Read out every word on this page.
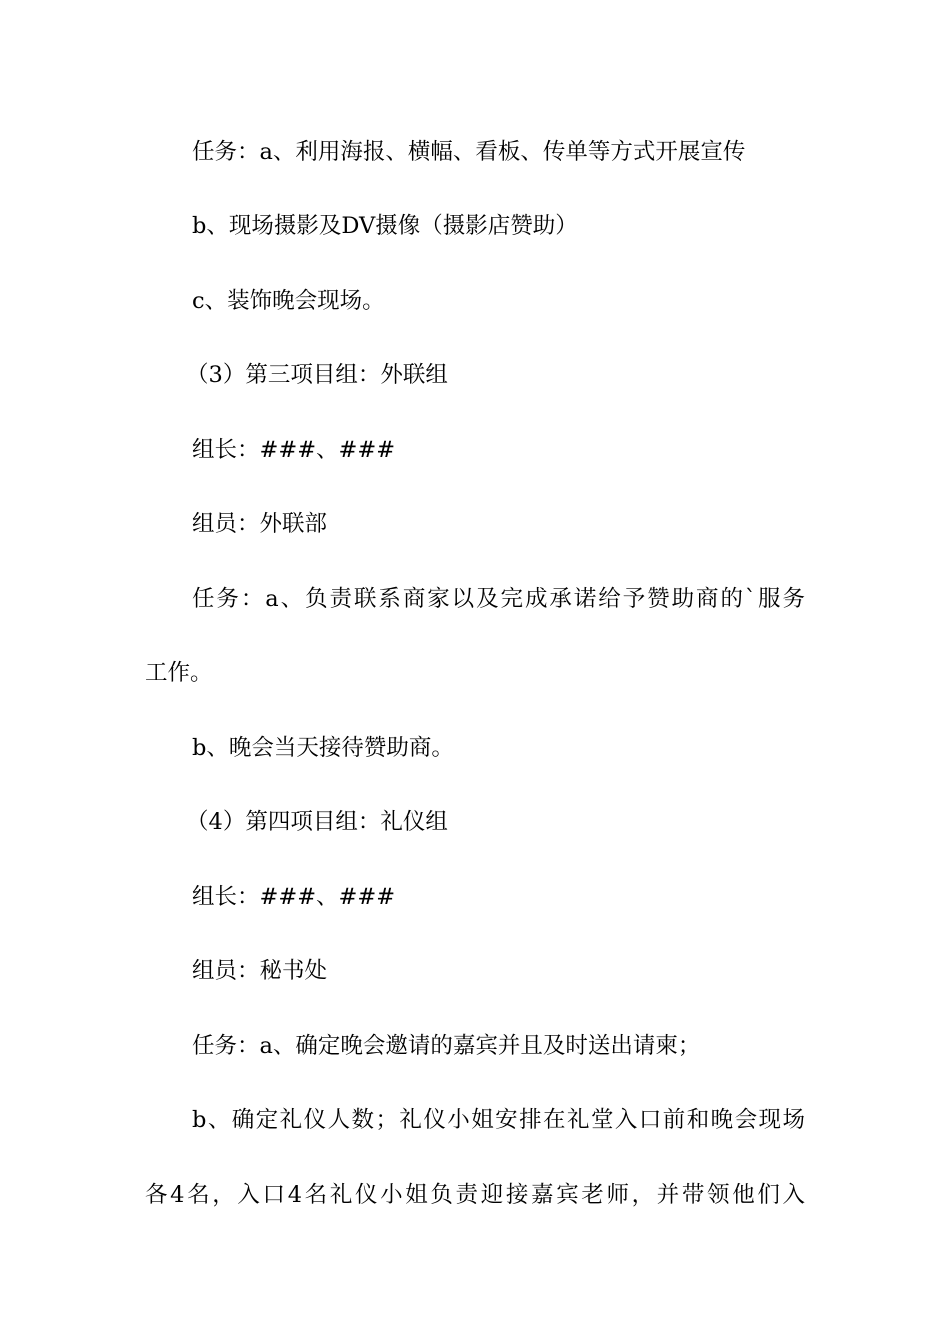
任务：a、利用海报、横幅、看板、传单等方式开展宣传

b、现场摄影及DV摄像（摄影店赞助）

c、装饰晚会现场。

（3）第三项目组：外联组

组长：###、###

组员：外联部

任务：a、负责联系商家以及完成承诺给予赞助商的`服务

工作。

b、晚会当天接待赞助商。

（4）第四项目组：礼仪组

组长：###、###

组员：秘书处

任务：a、确定晚会邀请的嘉宾并且及时送出请柬；

b、确定礼仪人数；礼仪小姐安排在礼堂入口前和晚会现场

各4名，入口4名礼仪小姐负责迎接嘉宾老师，并带领他们入
